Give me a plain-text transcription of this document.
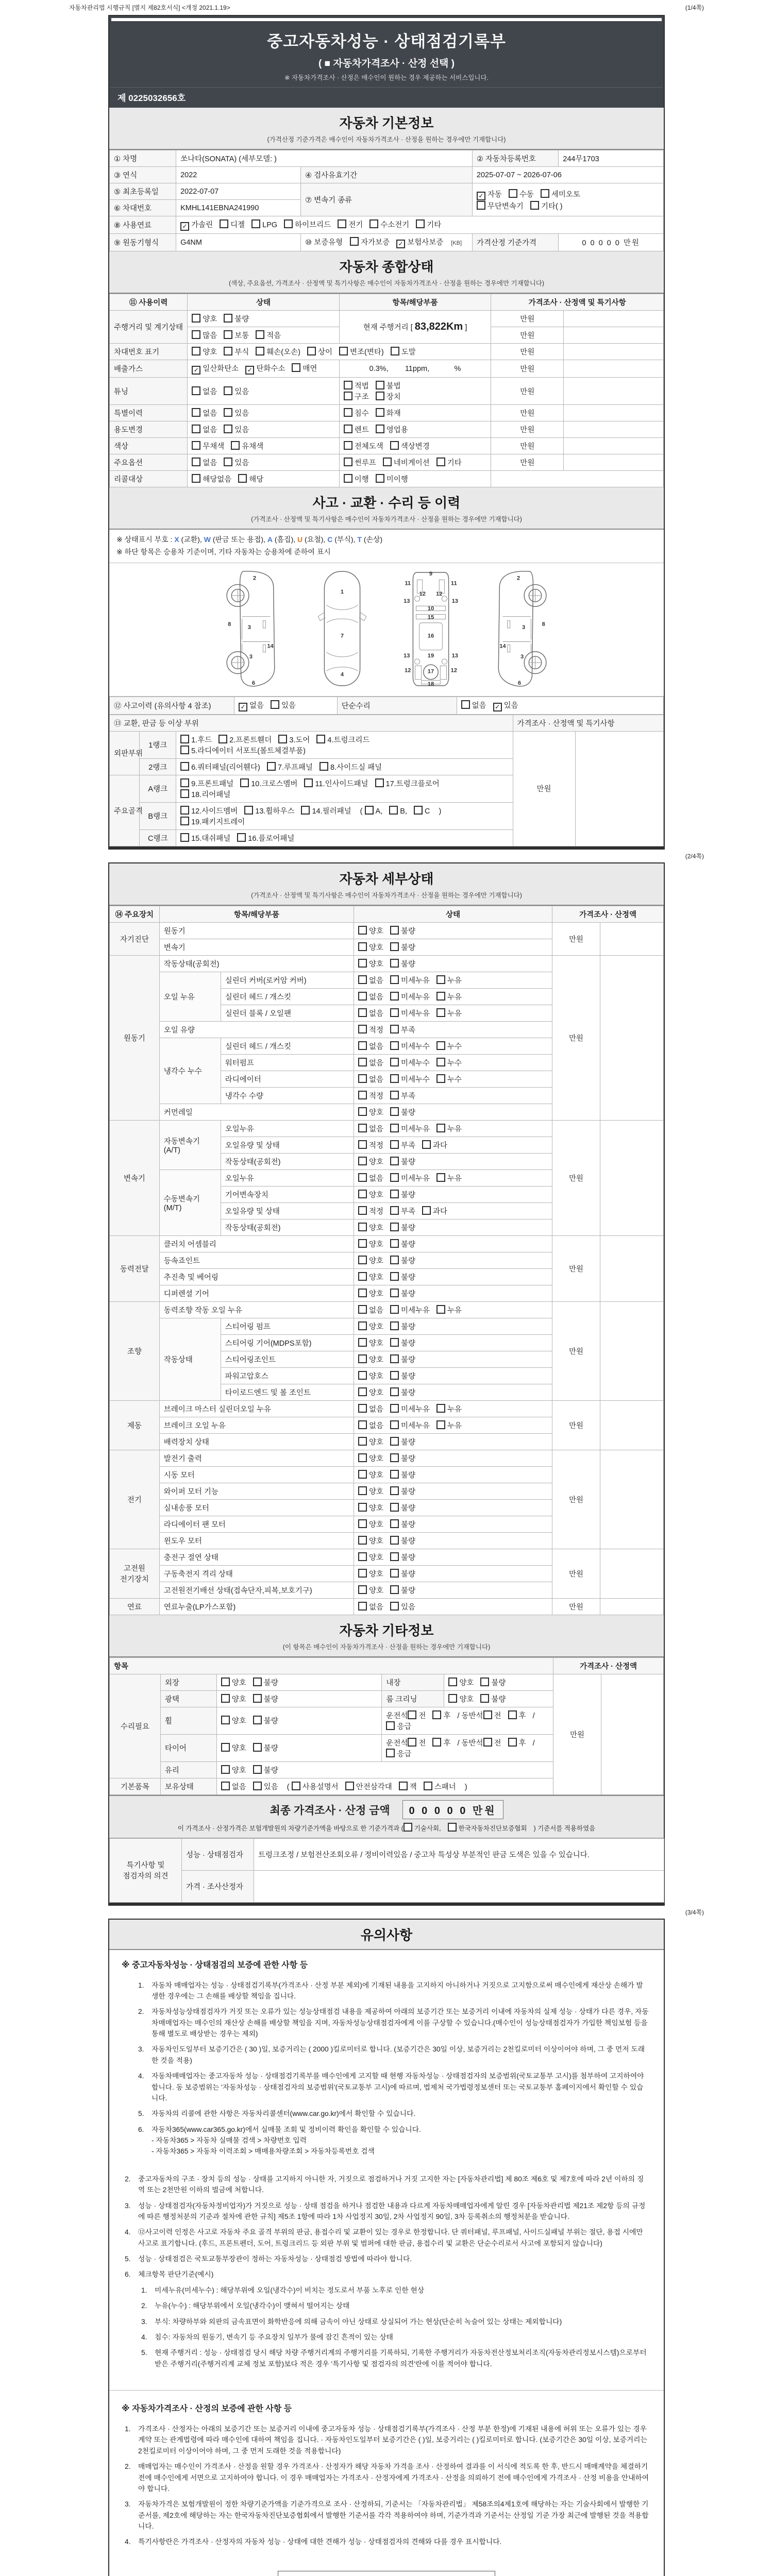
자동차관리법 시행규칙 [별지 제82호서식] <개정 2021.1.19>	(1/4쪽)
중고자동차성능 · 상태점검기록부
( ■ 자동차가격조사 · 산정 선택 )
※ 자동차가격조사 · 산정은 매수인이 원하는 경우 제공하는 서비스입니다.
제 0225032656호
자동차 기본정보
(가격산정 기준가격은 매수인이 자동차가격조사 · 산정을 원하는 경우에만 기재합니다)
① 차명	쏘나타(SONATA) (세부모델: )		② 자동차등록번호	244무1703
③ 연식	2022	④ 검사유효기간	2025-07-07 ~ 2026-07-06	
⑤ 최초등록일	2022-07-07	⑦ 변속기 종류	✓ 자동 수동 세미오토
무단변속기 기타( )	
⑥ 차대번호	KMHL141EBNA241990			
⑧ 사용연료	✓ 가솔린 디젤 LPG 하이브리드 전기 수소전기 기타			
⑨ 원동기형식	G4NM	⑩ 보증유형 자가보증 ✓ 보험사보증 [KB]	가격산정 기준가격	0 0 0 0 0 만원
자동차 종합상태
(색상, 주요옵션, 가격조사 · 산정액 및 특기사항은 매수인이 자동차가격조사 · 산정을 원하는 경우에만 기재합니다)
⑪ 사용이력	상태	항목/해당부품	가격조사 · 산정액 및 특기사항	
주행거리 및 계기상태	양호 불량	현재 주행거리 [ 83,822Km ]	만원	
	많음 보통 적음		만원	
차대번호 표기	양호 부식 훼손(오손) 상이 변조(변타) 도말		만원	
배출가스	✓ 일산화탄소 ✓ 탄화수소 매연	0.3%,        11ppm,            %	만원	
튜닝	없음 있음	적법 불법구조 장치	만원	
특별이력	없음 있음	침수 화재	만원	
용도변경	없음 있음	렌트 영업용	만원	
색상	무채색 유채색	전체도색 색상변경	만원	
주요옵션	없음 있음	썬루프 네비게이션 기타	만원	
리콜대상	해당없음 해당	이행 미이행		
사고 · 교환 · 수리 등 이력
(가격조사 · 산정액 및 특기사항은 매수인이 자동차가격조사 · 산정을 원하는 경우에만 기재합니다)
※ 상태표시 부호 : X (교환), W (판금 또는 용접), A (흠집), U (요철), C (부식), T (손상)
※ 하단 항목은 승용차 기준이며, 기타 자동차는 승용차에 준하여 표시
2
8
3
14
3
6
1
7
4
9
11	11
12 12
13	13
10
15
16
13	13
19
12	12
17
18
2
3
8
14
3
6
⑫ 사고이력 (유의사항 4 참조)	✓ 없음 있음	단순수리	없음 ✓ 있음
⑬ 교환, 판금 등 이상 부위			가격조사 · 산정액 및 특기사항	
외판부위	1랭크	1.후드 2.프론트휀더 3.도어 4.트렁크리드
5.라디에이터 서포트(볼트체결부품)	만원	
	2랭크	6.쿼터패널(리어휀다) 7.루프패널 8.사이드실 패널		
주요골격	A랭크	9.프론트패널 10.크로스멤버 11.인사이드패널 17.트렁크플로어
18.리어패널		
	B랭크	12.사이드멤버 13.휠하우스 14.필러패널 ( A, B, C )
19.패키지트레이		
	C랭크	15.대쉬패널 16.플로어패널		
(2/4쪽)
자동차 세부상태
(가격조사 · 산정액 및 특기사항은 매수인이 자동차가격조사 · 산정을 원하는 경우에만 기재합니다)
⑭ 주요장치	항목/해당부품		상태	가격조사 · 산정액	
자기진단	원동기		양호 불량	만원	
	변속기		양호 불량		
원동기	작동상태(공회전)		양호 불량	만원	
	오일 누유	실린더 커버(로커암 커버)	없음 미세누유 누유		
		실린더 헤드 / 개스킷	없음 미세누유 누유		
		실린더 블록 / 오일팬	없음 미세누유 누유		
	오일 유량		적정 부족		
	냉각수 누수	실린더 헤드 / 개스킷	없음 미세누수 누수		
		워터펌프	없음 미세누수 누수		
		라디에이터	없음 미세누수 누수		
		냉각수 수량	적정 부족		
	커먼레일		양호 불량		
변속기	자동변속기 (A/T)	오일누유	없음 미세누유 누유	만원	
		오일유량 및 상태	적정 부족 과다		
		작동상태(공회전)	양호 불량		
	수동변속기 (M/T)	오일누유	없음 미세누유 누유		
		기어변속장치	양호 불량		
		오일유량 및 상태	적정 부족 과다		
		작동상태(공회전)	양호 불량		
동력전달	클러치 어셈블리		양호 불량	만원	
	등속죠인트		양호 불량		
	추진축 및 베어링		양호 불량		
	디퍼렌셜 기어		양호 불량		
조향	동력조향 작동 오일 누유		없음 미세누유 누유	만원	
	작동상태	스티어링 펌프	양호 불량		
		스티어링 기어(MDPS포함)	양호 불량		
		스티어링조인트	양호 불량		
		파워고압호스	양호 불량		
		타이로드엔드 및 볼 조인트	양호 불량		
제동	브레이크 마스터 실린더오일 누유		없음 미세누유 누유	만원	
	브레이크 오일 누유		없음 미세누유 누유		
	배력장치 상태		양호 불량		
전기	발전기 출력		양호 불량	만원	
	시동 모터		양호 불량		
	와이퍼 모터 기능		양호 불량		
	실내송풍 모터		양호 불량		
	라디에이터 팬 모터		양호 불량		
	윈도우 모터		양호 불량		
고전원 전기장치	충전구 절연 상태		양호 불량	만원	
	구동축전지 격리 상태		양호 불량		
	고전원전기배선 상태(접속단자,피복,보호기구)		양호 불량		
연료	연료누출(LP가스포함)		없음 있음	만원	
자동차 기타정보
(이 항목은 매수인이 자동차가격조사 · 산정을 원하는 경우에만 기재합니다)
항목					가격조사 · 산정액	
수리필요	외장	양호 불량	내장	양호 불량	만원	
	광택	양호 불량	룸 크리닝	양호 불량		
	휠	양호 불량	운전석 전 후 / 동반석 전 후 /응급			
	타이어	양호 불량	운전석 전 후 / 동반석 전 후 /응급			
	유리	양호 불량				
기본품목	보유상태	없음 있음 ( 사용설명서 안전삼각대 잭 스패너 )				
최종 가격조사 · 산정 금액 0 0 0 0 0 만원
이 가격조사 · 산정가격은 보험개발원의 차량기준가액을 바탕으로 한 기준가격과 ( 기술사회,	한국자동차진단보증협회 ) 기준서를 적용하였음
특기사항 및 점검자의 의견	성능 · 상태점검자	트렁크조정 / 보험전산조회오류 / 정비이력있음 / 중고차 특성상 부분적인 판금 도색은 있을 수 있습니다.
	가격 · 조사산정자	
(3/4쪽)
유의사항
※ 중고자동차성능 · 상태점검의 보증에 관한 사항 등
1.	자동차 매매업자는 성능 · 상태점검기록부(가격조사 · 산정 부분 제외)에 기재된 내용을 고지하지 아니하거나 거짓으로 고지함으로써 매수인에게 재산상 손해가 발생한 경우에는 그 손해를 배상할 책임을 집니다.
2.	자동차성능상태점검자가 거짓 또는 오류가 있는 성능상태점검 내용을 제공하여 아래의 보증기간 또는 보증거리 이내에 자동차의 실제 성능 · 상태가 다른 경우, 자동차매매업자는 매수인의 재산상 손해를 배상할 책임을 지며, 자동차성능상태점검자에게 이를 구상할 수 있습니다.(매수인이 성능상태점검자가 가입한 책임보험 등을 통해 별도로 배상받는 경우는 제외)
3.	자동차인도일부터 보증기간은 ( 30 )일, 보증거리는 ( 2000 )킬로미터로 합니다. (보증기간은 30일 이상, 보증거리는 2천킬로미터 이상이어야 하며, 그 중 먼저 도래한 것을 적용)
4.	자동차매매업자는 중고자동차 성능 · 상태점검기록부를 매수인에게 고지할 때 현행 자동차성능 · 상태점검자의 보증범위(국토교통부 고시)를 첨부하여 고지하여야 합니다. 동 보증범위는 '자동차성능 · 상태점검자의 보증범위'(국토교통부 고시)에 따르며, 법제처 국가법령정보센터 또는 국토교통부 홈페이지에서 확인할 수 있습니다.
5.	자동차의 리콜에 관한 사항은 자동차리콜센터(www.car.go.kr)에서 확인할 수 있습니다.
6.	자동차365(www.car365.go.kr)에서 실매물 조회 및 정비이력 확인을 확인할 수 있습니다.
- 자동차365 > 자동차 실매물 검색 > 차량번호 입력
- 자동차365 > 자동차 이력조회 > 매매용차량조회 > 자동차등록번호 검색
2.	중고자동차의 구조 · 장치 등의 성능 · 상태를 고지하지 아니한 자, 거짓으로 점검하거나 거짓 고지한 자는 [자동차관리법] 제 80조 제6호 및 제7호에 따라 2년 이하의 징역 또는 2천만원 이하의 벌금에 처합니다.
3.	성능 · 상태점검자(자동차정비업자)가 거짓으로 성능 · 상태 점검을 하거나 점검한 내용과 다르게 자동차매매업자에게 알린 경우 [자동차관리법 제21조 제2항 등의 규정에 따른 행정처분의 기준과 절차에 관한 규칙] 제5조 1항에 따라 1차 사업정지 30일, 2차 사업정지 90일, 3차 등록취소의 행정처분을 받습니다.
4.	⑫사고이력 인정은 사고로 자동차 주요 골격 부위의 판금, 용접수리 및 교환이 있는 경우로 한정합니다. 단 쿼터패널, 루프패널, 사이드실패널 부위는 절단, 용접 시에만 사고로 표기합니다. (후드, 프론트펜더, 도어, 트렁크리드 등 외판 부위 및 범퍼에 대한 판금, 용접수리 및 교환은 단순수리로서 사고에 포함되지 않습니다)
5.	성능 · 상태점검은 국토교통부장관이 정하는 자동차성능 · 상태점검 방법에 따라야 합니다.
6.	체크항목 판단기준(예시)
1.	미세누유(미세누수) : 해당부위에 오일(냉각수)이 비치는 정도로서 부품 노후로 인한 현상
2.	누유(누수) : 해당부위에서 오일(냉각수)이 맺혀서 떨어지는 상태
3.	부식: 차량하부와 외판의 금속표면이 화학반응에 의해 금속이 아닌 상태로 상실되어 가는 현상(단순히 녹슬어 있는 상태는 제외합니다)
4.	침수: 자동차의 원동기, 변속기 등 주요장치 일부가 물에 잠긴 흔적이 있는 상태
5.	현재 주행거리 : 성능 · 상태점검 당시 해당 차량 주행거리계의 주행거리를 기록하되, 기록한 주행거리가 자동차전산정보처리조직(자동차관리정보시스템)으로부터 받은 주행거리(주행거리계 교체 정보 포함)보다 적은 경우 '특기사항 및 점검자의 의견'란에 이를 적어야 합니다.
※ 자동차가격조사 · 산정의 보증에 관한 사항 등
1.	가격조사 · 산정자는 아래의 보증기간 또는 보증거리 이내에 중고자동차 성능 · 상태점검기록부(가격조사 · 산정 부분 한정)에 기재된 내용에 허위 또는 오류가 있는 경우 계약 또는 관계법령에 따라 매수인에 대하여 책임을 집니다. · 자동차인도일부터 보증기간은 ( )일, 보증거리는 ( )킬로미터로 합니다. (보증기간은 30일 이상, 보증거리는 2천킬로미터 이상이어야 하며, 그 중 먼저 도래한 것을 적용합니다)
2.	매매업자는 매수인이 가격조사 · 산정을 원할 경우 가격조사 · 산정자가 해당 자동차 가격을 조사 · 산정하여 결과를 이 서식에 적도록 한 후, 반드시 매매계약을 체결하기 전에 매수인에게 서면으로 고지하여야 합니다. 이 경우 매매업자는 가격조사 · 산정자에게 가격조사 · 산정을 의뢰하기 전에 매수인에게 가격조사 · 산정 비용을 안내하여야 합니다.
3.	자동차가격은 보험개발원이 정한 차량기준가액을 기준가격으로 조사 · 산정하되, 기준서는 「자동차관리법」 제58조의4제1호에 해당하는 자는 기술사회에서 발행한 기준서를, 제2호에 해당하는 자는 한국자동차진단보증협회에서 발행한 기준서를 각각 적용하여야 하며, 기준가격과 기준서는 산정일 기준 가장 최근에 발행된 것을 적용합니다.
4.	특기사항란은 가격조사 · 산정자의 자동차 성능 · 상태에 대한 견해가 성능 · 상태점검자의 견해와 다를 경우 표시합니다.
